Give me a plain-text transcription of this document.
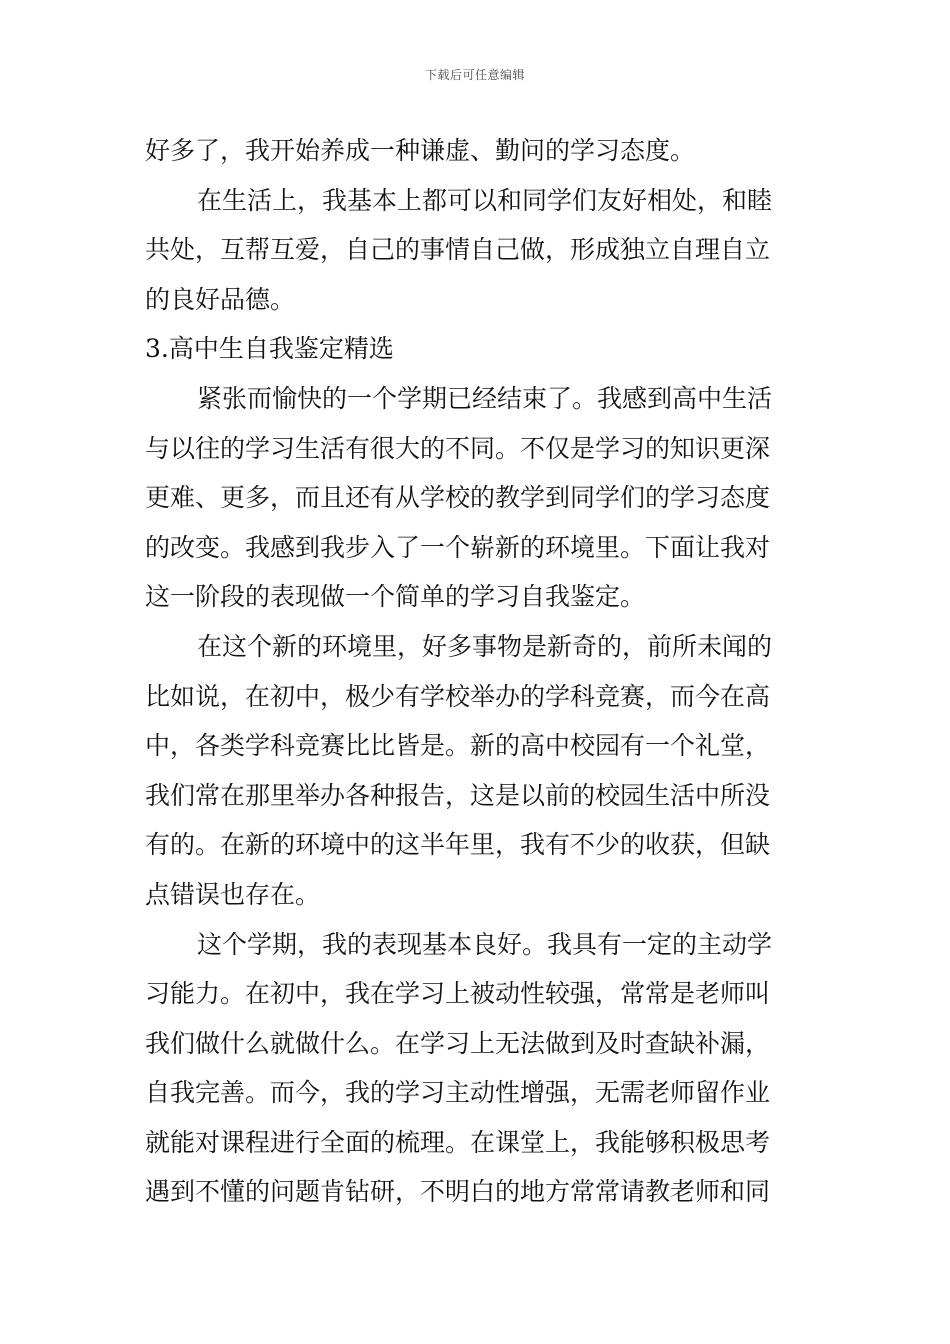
下载后可任意编辑
好多了，我开始养成一种谦虚、勤问的学习态度。
在生活上，我基本上都可以和同学们友好相处，和睦
共处，互帮互爱，自己的事情自己做，形成独立自理自立
的良好品德。
3.高中生自我鉴定精选
紧张而愉快的一个学期已经结束了。我感到高中生活
与以往的学习生活有很大的不同。不仅是学习的知识更深
更难、更多，而且还有从学校的教学到同学们的学习态度
的改变。我感到我步入了一个崭新的环境里。下面让我对
这一阶段的表现做一个简单的学习自我鉴定。
在这个新的环境里，好多事物是新奇的，前所未闻的
比如说，在初中，极少有学校举办的学科竞赛，而今在高
中，各类学科竞赛比比皆是。新的高中校园有一个礼堂，
我们常在那里举办各种报告，这是以前的校园生活中所没
有的。在新的环境中的这半年里，我有不少的收获，但缺
点错误也存在。
这个学期，我的表现基本良好。我具有一定的主动学
习能力。在初中，我在学习上被动性较强，常常是老师叫
我们做什么就做什么。在学习上无法做到及时查缺补漏，
自我完善。而今，我的学习主动性增强，无需老师留作业
就能对课程进行全面的梳理。在课堂上，我能够积极思考
遇到不懂的问题肯钻研，不明白的地方常常请教老师和同
